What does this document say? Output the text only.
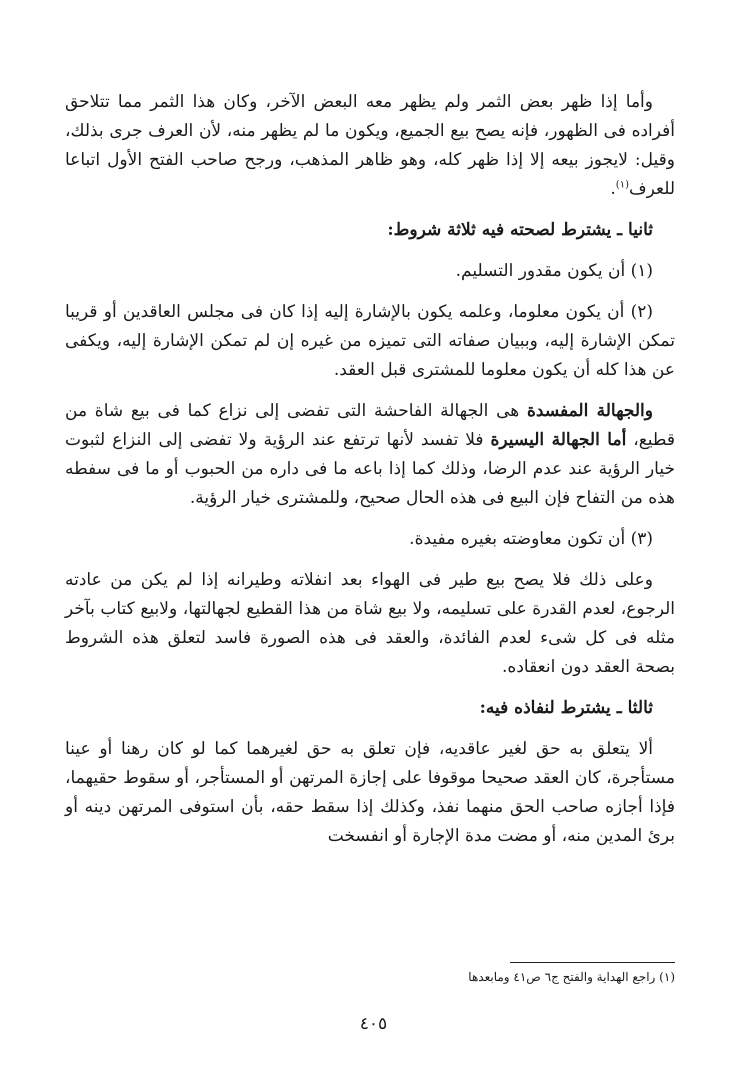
وأما إذا ظهر بعض الثمر ولم يظهر معه البعض الآخر، وكان هذا الثمر مما تتلاحق أفراده فى الظهور، فإنه يصح بيع الجميع، ويكون ما لم يظهر منه، لأن العرف جرى بذلك، وقيل: لايجوز بيعه إلا إذا ظهر كله، وهو ظاهر المذهب، ورجح صاحب الفتح الأول اتباعا للعرف$^{(١)}$.

ثانيا ـ يشترط لصحته فيه ثلاثة شروط:

(١) أن يكون مقدور التسليم.

(٢) أن يكون معلوما، وعلمه يكون بالإشارة إليه إذا كان فى مجلس العاقدين أو قريبا تمكن الإشارة إليه، وببيان صفاته التى تميزه من غيره إن لم تمكن الإشارة إليه، ويكفى عن هذا كله أن يكون معلوما للمشترى قبل العقد.

والجهالة المفسدة هى الجهالة الفاحشة التى تفضى إلى نزاع كما فى بيع شاة من قطيع، أما الجهالة اليسيرة فلا تفسد لأنها ترتفع عند الرؤية ولا تفضى إلى النزاع لثبوت خيار الرؤية عند عدم الرضا، وذلك كما إذا باعه ما فى داره من الحبوب أو ما فى سفطه هذه من التفاح فإن البيع فى هذه الحال صحيح، وللمشترى خيار الرؤية.

(٣) أن تكون معاوضته بغيره مفيدة.

وعلى ذلك فلا يصح بيع طير فى الهواء بعد انفلاته وطيرانه إذا لم يكن من عادته الرجوع، لعدم القدرة على تسليمه، ولا بيع شاة من هذا القطيع لجهالتها، ولابيع كتاب بآخر مثله فى كل شىء لعدم الفائدة، والعقد فى هذه الصورة فاسد لتعلق هذه الشروط بصحة العقد دون انعقاده.

ثالثا ـ يشترط لنفاذه فيه:

ألا يتعلق به حق لغير عاقديه، فإن تعلق به حق لغيرهما كما لو كان رهنا أو عينا مستأجرة، كان العقد صحيحا موقوفا على إجازة المرتهن أو المستأجر، أو سقوط حقيهما، فإذا أجازه صاحب الحق منهما نفذ، وكذلك إذا سقط حقه، بأن استوفى المرتهن دينه أو برئ المدين منه، أو مضت مدة الإجارة أو انفسخت

(١) راجع الهداية والفتح ج٦ ص٤١ ومابعدها
٤٠٥
